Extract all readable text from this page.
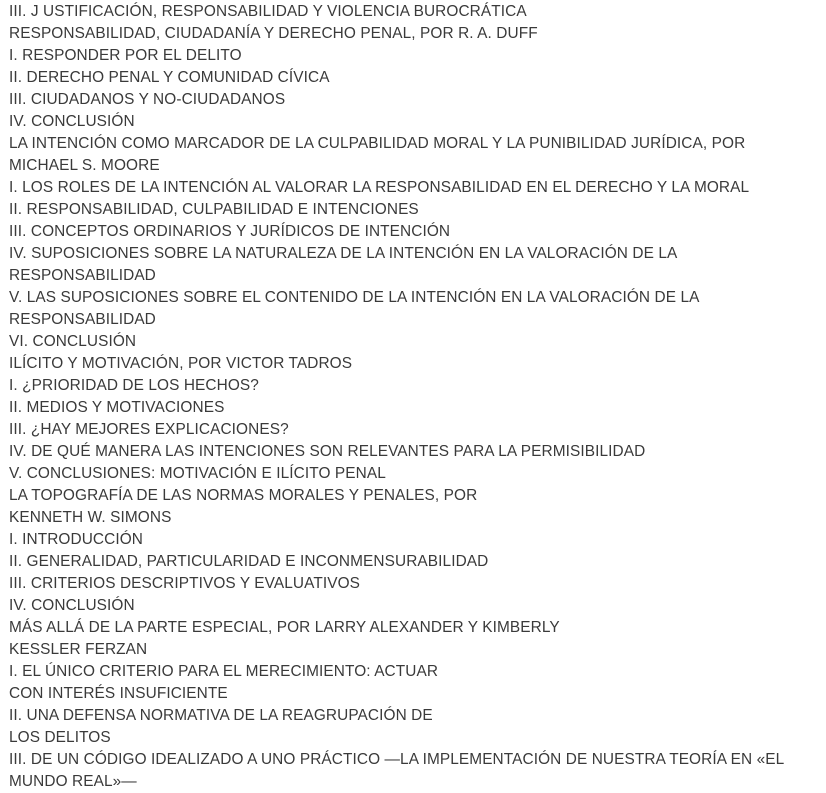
III. J USTIFICACIÓN, RESPONSABILIDAD Y VIOLENCIA BUROCRÁTICA
RESPONSABILIDAD, CIUDADANÍA Y DERECHO PENAL, POR R. A. DUFF
I. RESPONDER POR EL DELITO
II. DERECHO PENAL Y COMUNIDAD CÍVICA
III. CIUDADANOS Y NO-CIUDADANOS
IV. CONCLUSIÓN
LA INTENCIÓN COMO MARCADOR DE LA CULPABILIDAD MORAL Y LA PUNIBILIDAD JURÍDICA, POR
MICHAEL S. MOORE
I. LOS ROLES DE LA INTENCIÓN AL VALORAR LA RESPONSABILIDAD EN EL DERECHO Y LA MORAL
II. RESPONSABILIDAD, CULPABILIDAD E INTENCIONES
III. CONCEPTOS ORDINARIOS Y JURÍDICOS DE INTENCIÓN
IV. SUPOSICIONES SOBRE LA NATURALEZA DE LA INTENCIÓN EN LA VALORACIÓN DE LA
RESPONSABILIDAD
V. LAS SUPOSICIONES SOBRE EL CONTENIDO DE LA INTENCIÓN EN LA VALORACIÓN DE LA
RESPONSABILIDAD
VI. CONCLUSIÓN
ILÍCITO Y MOTIVACIÓN, POR VICTOR TADROS
I. ¿PRIORIDAD DE LOS HECHOS?
II. MEDIOS Y MOTIVACIONES
III. ¿HAY MEJORES EXPLICACIONES?
IV. DE QUÉ MANERA LAS INTENCIONES SON RELEVANTES PARA LA PERMISIBILIDAD
V. CONCLUSIONES: MOTIVACIÓN E ILÍCITO PENAL
LA TOPOGRAFÍA DE LAS NORMAS MORALES Y PENALES, POR
KENNETH W. SIMONS
I. INTRODUCCIÓN
II. GENERALIDAD, PARTICULARIDAD E INCONMENSURABILIDAD
III. CRITERIOS DESCRIPTIVOS Y EVALUATIVOS
IV. CONCLUSIÓN
MÁS ALLÁ DE LA PARTE ESPECIAL, POR LARRY ALEXANDER Y KIMBERLY
KESSLER FERZAN
I. EL ÚNICO CRITERIO PARA EL MERECIMIENTO: ACTUAR
CON INTERÉS INSUFICIENTE
II. UNA DEFENSA NORMATIVA DE LA REAGRUPACIÓN DE
LOS DELITOS
III. DE UN CÓDIGO IDEALIZADO A UNO PRÁCTICO —LA IMPLEMENTACIÓN DE NUESTRA TEORÍA EN «EL
MUNDO REAL»—
